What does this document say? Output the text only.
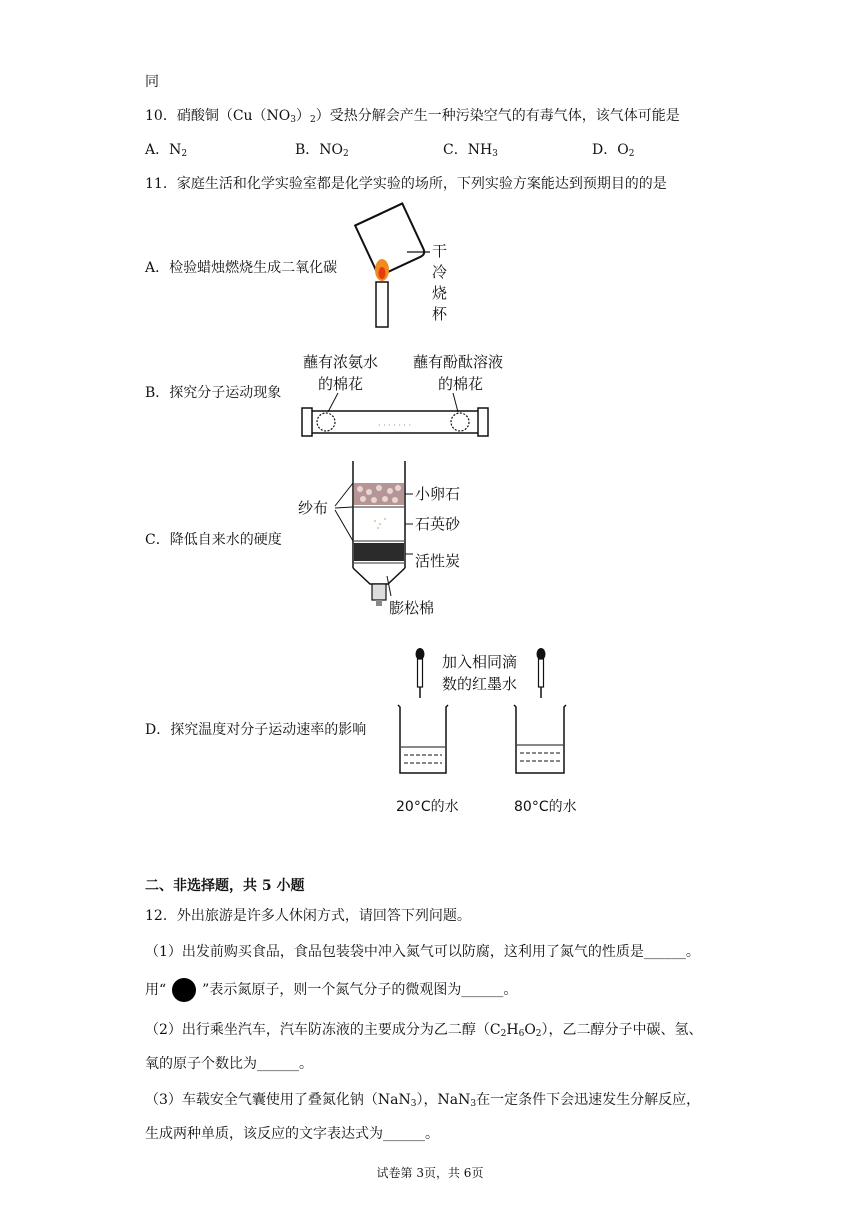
同
10．硝酸铜$(Cu(NO_3)_2)$受热分解会产生一种污染空气的有毒气体，该气体可能是
A．$N_2$	B．$NO_2$	C．$NH_3$	D．$O_2$
11．家庭生活和化学实验室都是化学实验的场所，下列实验方案能达到预期目的的是
A．检验蜡烛燃烧生成二氧化碳
干
冷
烧
杯
B．探究分子运动现象
蘸有浓氨水
的棉花
蘸有酚酞溶液
的棉花
· · · · · · ·
C．降低自来水的硬度
纱布
小卵石
石英砂
活性炭
膨松棉
D．探究温度对分子运动速率的影响
加入相同滴
数的红墨水
20°C的水	80°C的水
二、非选择题，共 5 小题
12．外出旅游是许多人休闲方式，请回答下列问题。
（1）出发前购买食品，食品包装袋中冲入氮气可以防腐，这利用了氮气的性质是______。
用“	”表示氮原子，则一个氮气分子的微观图为______。
（2）出行乘坐汽车，汽车防冻液的主要成分为乙二醇$(C_2H_6O_2)$，乙二醇分子中碳、氢、
氧的原子个数比为______。
（3）车载安全气囊使用了叠氮化钠（NaN$_3$），NaN$_3$在一定条件下会迅速发生分解反应，
生成两种单质，该反应的文字表达式为______。
试卷第 3页，共 6页
